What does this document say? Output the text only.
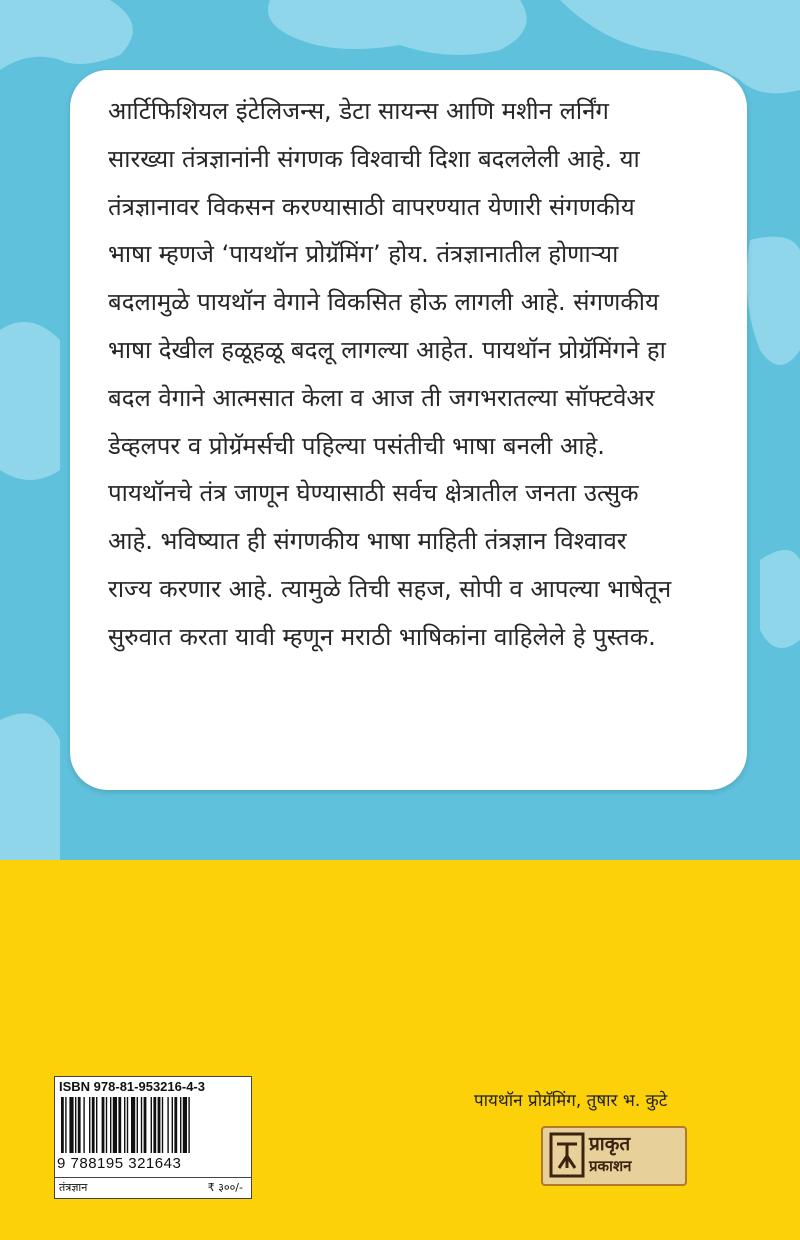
आर्टिफिशियल इंटेलिजन्स, डेटा सायन्स आणि मशीन लर्निंग
सारख्या तंत्रज्ञानांनी संगणक विश्वाची दिशा बदललेली आहे. या
तंत्रज्ञानावर विकसन करण्यासाठी वापरण्यात येणारी संगणकीय
भाषा म्हणजे ‘पायथॉन प्रोग्रॅमिंग’ होय. तंत्रज्ञानातील होणाऱ्या
बदलामुळे पायथॉन वेगाने विकसित होऊ लागली आहे. संगणकीय
भाषा देखील हळूहळू बदलू लागल्या आहेत. पायथॉन प्रोग्रॅमिंगने हा
बदल वेगाने आत्मसात केला व आज ती जगभरातल्या सॉफ्टवेअर
डेव्हलपर व प्रोग्रॅमर्सची पहिल्या पसंतीची भाषा बनली आहे.
पायथॉनचे तंत्र जाणून घेण्यासाठी सर्वच क्षेत्रातील जनता उत्सुक
आहे. भविष्यात ही संगणकीय भाषा माहिती तंत्रज्ञान विश्वावर
राज्य करणार आहे. त्यामुळे तिची सहज, सोपी व आपल्या भाषेतून
सुरुवात करता यावी म्हणून मराठी भाषिकांना वाहिलेले हे पुस्तक.

ISBN 978-81-953216-4-3
9 788195 321643
तंत्रज्ञान	₹ ३००/-
पायथॉन प्रोग्रॅमिंग, तुषार भ. कुटे
प्राकृत
प्रकाशन
